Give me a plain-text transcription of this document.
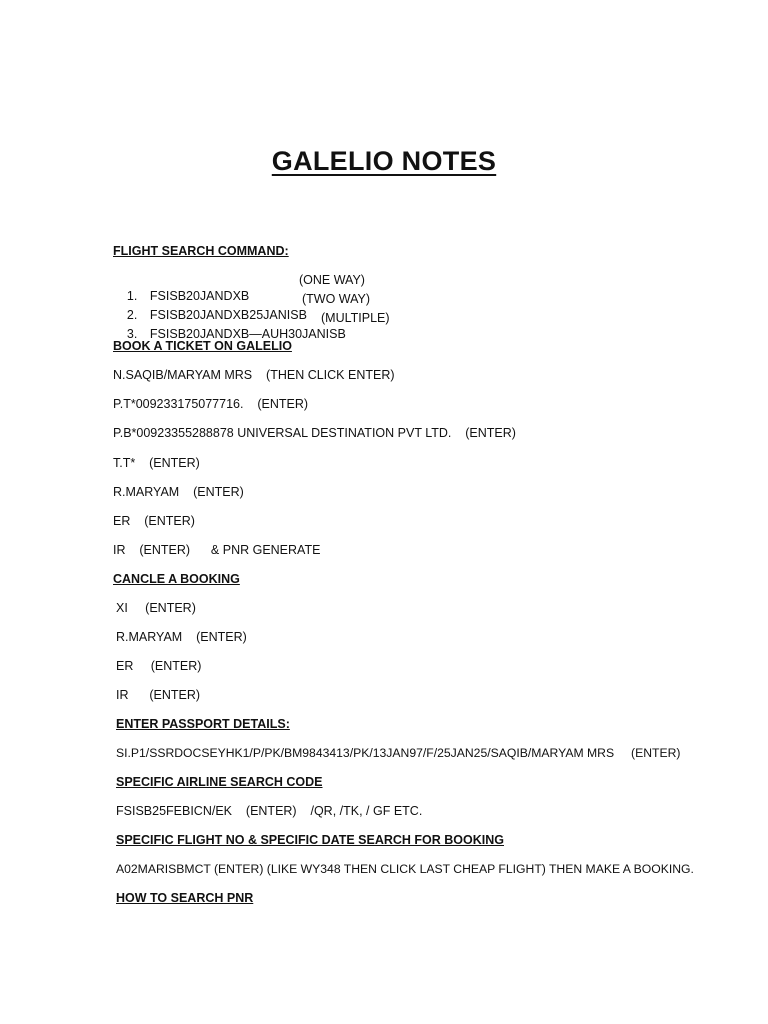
GALELIO NOTES
FLIGHT SEARCH COMMAND:

1. FSISB20JANDXB

(ONE WAY)

2. FSISB20JANDXB25JANISB

(TWO WAY)

3. FSISB20JANDXB—AUH30JANISB

(MULTIPLE)
BOOK A TICKET ON GALELIO
N.SAQIB/MARYAM MRS    (THEN CLICK ENTER)
P.T*009233175077716.    (ENTER)
P.B*00923355288878 UNIVERSAL DESTINATION PVT LTD.    (ENTER)
T.T*    (ENTER)
R.MARYAM    (ENTER)
ER    (ENTER)
IR    (ENTER)      & PNR GENERATE
CANCLE A BOOKING
XI     (ENTER)
R.MARYAM    (ENTER)
ER     (ENTER)
IR      (ENTER)
ENTER PASSPORT DETAILS:
SI.P1/SSRDOCSEYHK1/P/PK/BM9843413/PK/13JAN97/F/25JAN25/SAQIB/MARYAM MRS     (ENTER)
SPECIFIC AIRLINE SEARCH CODE
FSISB25FEBICN/EK    (ENTER)    /QR, /TK, / GF ETC.
SPECIFIC FLIGHT NO & SPECIFIC DATE SEARCH FOR BOOKING
A02MARISBMCT (ENTER) (LIKE WY348 THEN CLICK LAST CHEAP FLIGHT) THEN MAKE A BOOKING.
HOW TO SEARCH PNR
